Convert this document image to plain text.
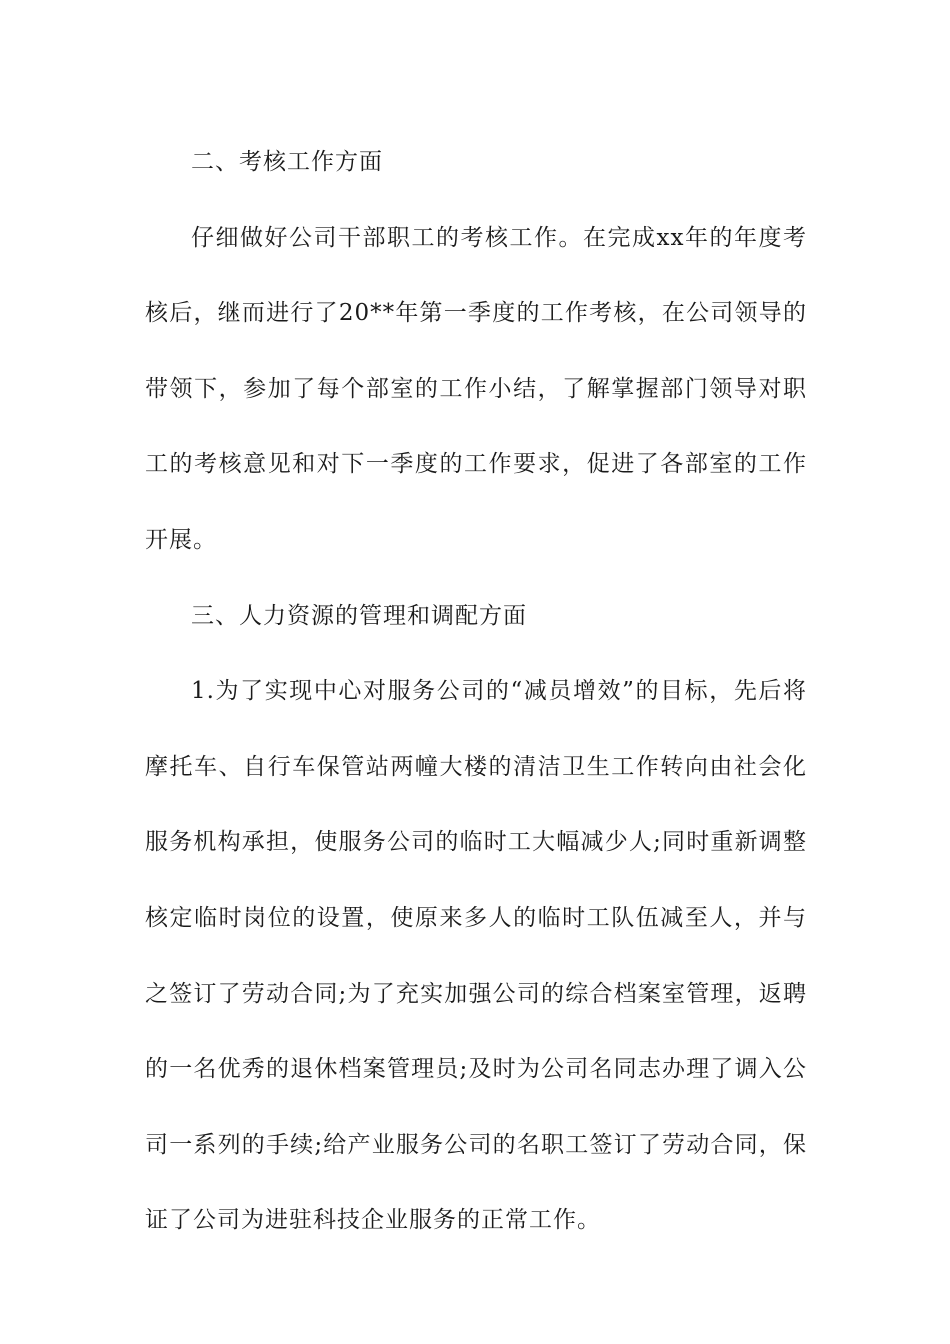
二、考核工作方面

仔细做好公司干部职工的考核工作。在完成xx年的年度考核后，继而进行了20**年第一季度的工作考核，在公司领导的带领下，参加了每个部室的工作小结，了解掌握部门领导对职工的考核意见和对下一季度的工作要求，促进了各部室的工作开展。

三、人力资源的管理和调配方面

1.为了实现中心对服务公司的“减员增效”的目标，先后将摩托车、自行车保管站两幢大楼的清洁卫生工作转向由社会化服务机构承担，使服务公司的临时工大幅减少人;同时重新调整核定临时岗位的设置，使原来多人的临时工队伍减至人，并与之签订了劳动合同;为了充实加强公司的综合档案室管理，返聘的一名优秀的退休档案管理员;及时为公司名同志办理了调入公司一系列的手续;给产业服务公司的名职工签订了劳动合同，保证了公司为进驻科技企业服务的正常工作。
